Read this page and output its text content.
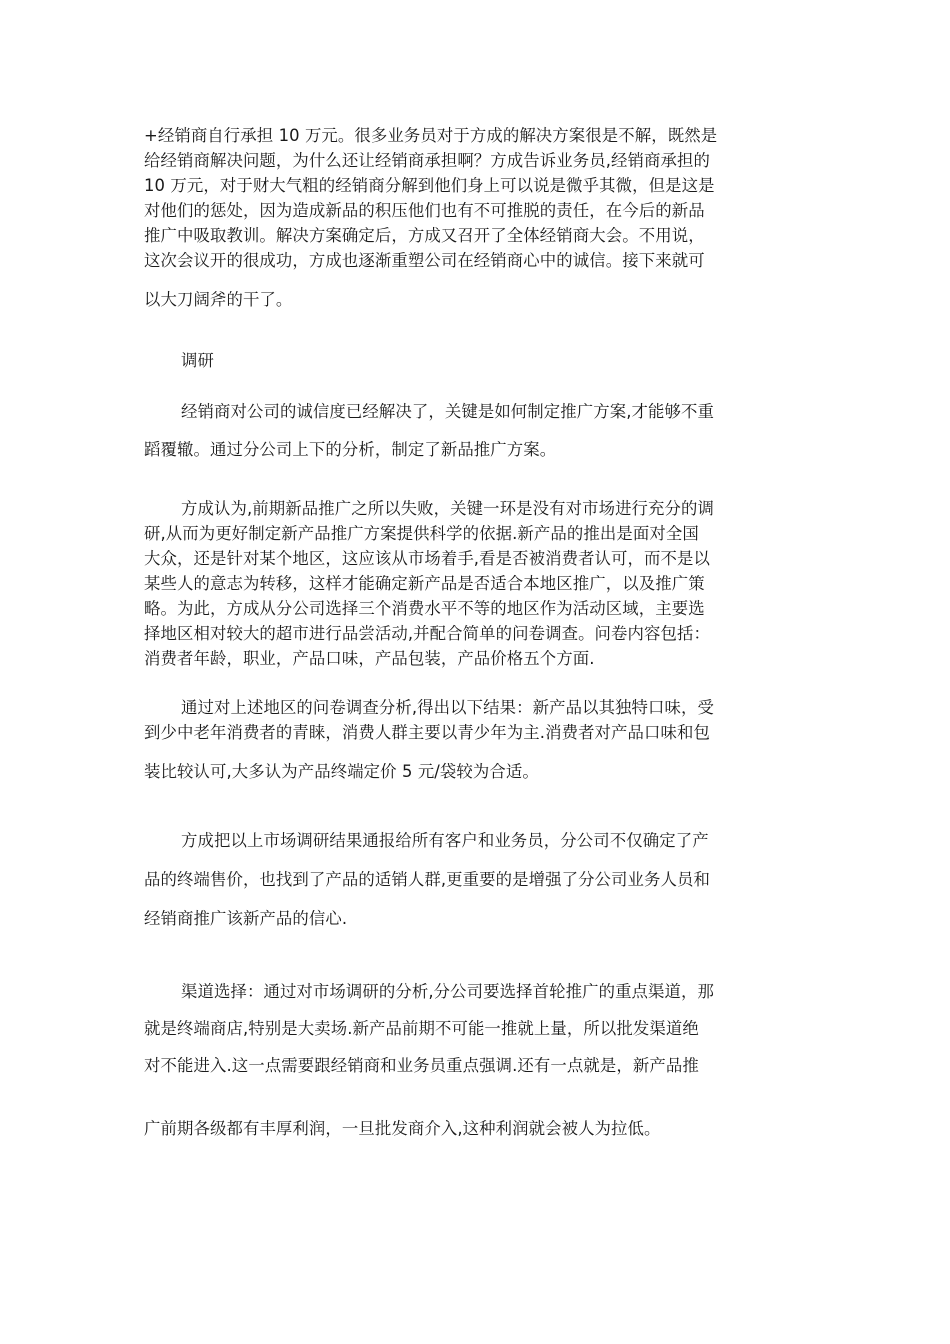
+经销商自行承担 10 万元。很多业务员对于方成的解决方案很是不解，既然是
给经销商解决问题，为什么还让经销商承担啊？方成告诉业务员,经销商承担的
10 万元，对于财大气粗的经销商分解到他们身上可以说是微乎其微，但是这是
对他们的惩处，因为造成新品的积压他们也有不可推脱的责任，在今后的新品
推广中吸取教训。解决方案确定后，方成又召开了全体经销商大会。不用说，
这次会议开的很成功，方成也逐渐重塑公司在经销商心中的诚信。接下来就可
以大刀阔斧的干了。
调研
经销商对公司的诚信度已经解决了，关键是如何制定推广方案,才能够不重
蹈覆辙。通过分公司上下的分析，制定了新品推广方案。
方成认为,前期新品推广之所以失败，关键一环是没有对市场进行充分的调
研,从而为更好制定新产品推广方案提供科学的依据.新产品的推出是面对全国
大众，还是针对某个地区，这应该从市场着手,看是否被消费者认可，而不是以
某些人的意志为转移，这样才能确定新产品是否适合本地区推广，以及推广策
略。为此，方成从分公司选择三个消费水平不等的地区作为活动区域，主要选
择地区相对较大的超市进行品尝活动,并配合简单的问卷调查。问卷内容包括：
消费者年龄，职业，产品口味，产品包装，产品价格五个方面.
通过对上述地区的问卷调查分析,得出以下结果：新产品以其独特口味，受
到少中老年消费者的青睐，消费人群主要以青少年为主.消费者对产品口味和包
装比较认可,大多认为产品终端定价 5 元/袋较为合适。
方成把以上市场调研结果通报给所有客户和业务员，分公司不仅确定了产
品的终端售价，也找到了产品的适销人群,更重要的是增强了分公司业务人员和
经销商推广该新产品的信心.
渠道选择：通过对市场调研的分析,分公司要选择首轮推广的重点渠道，那
就是终端商店,特别是大卖场.新产品前期不可能一推就上量，所以批发渠道绝
对不能进入.这一点需要跟经销商和业务员重点强调.还有一点就是，新产品推
广前期各级都有丰厚利润，一旦批发商介入,这种利润就会被人为拉低。
